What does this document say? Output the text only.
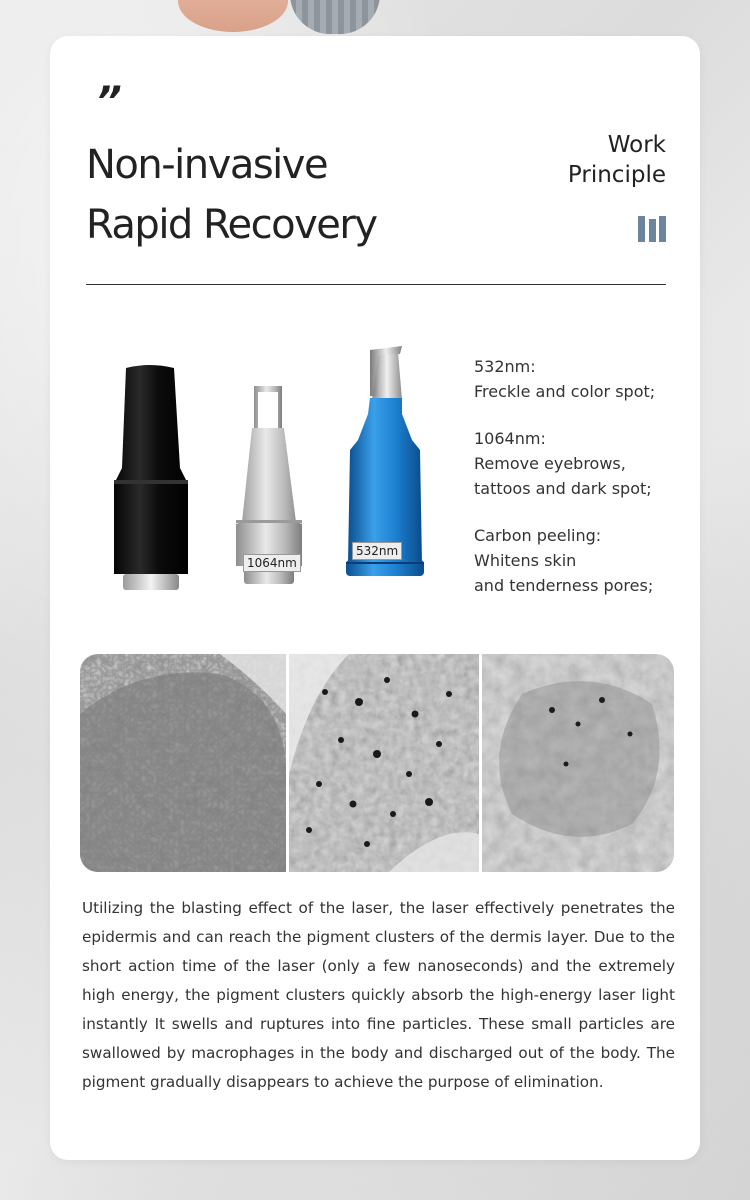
”
Non-invasive
Rapid Recovery
Work
Principle
1064nm
532nm

532nm:
Freckle and color spot;

1064nm:
Remove eyebrows,
tattoos and dark spot;

Carbon peeling:
Whitens skin
and tenderness pores;

Utilizing the blasting effect of the laser, the laser effectively penetrates the epidermis and can reach the pigment clusters of the dermis layer. Due to the short action time of the laser (only a few nanoseconds) and the extremely high energy, the pigment clusters quickly absorb the high-energy laser light instantly It swells and ruptures into fine particles. These small particles are swallowed by macrophages in the body and discharged out of the body. The pigment gradually disappears to achieve the purpose of elimination.
